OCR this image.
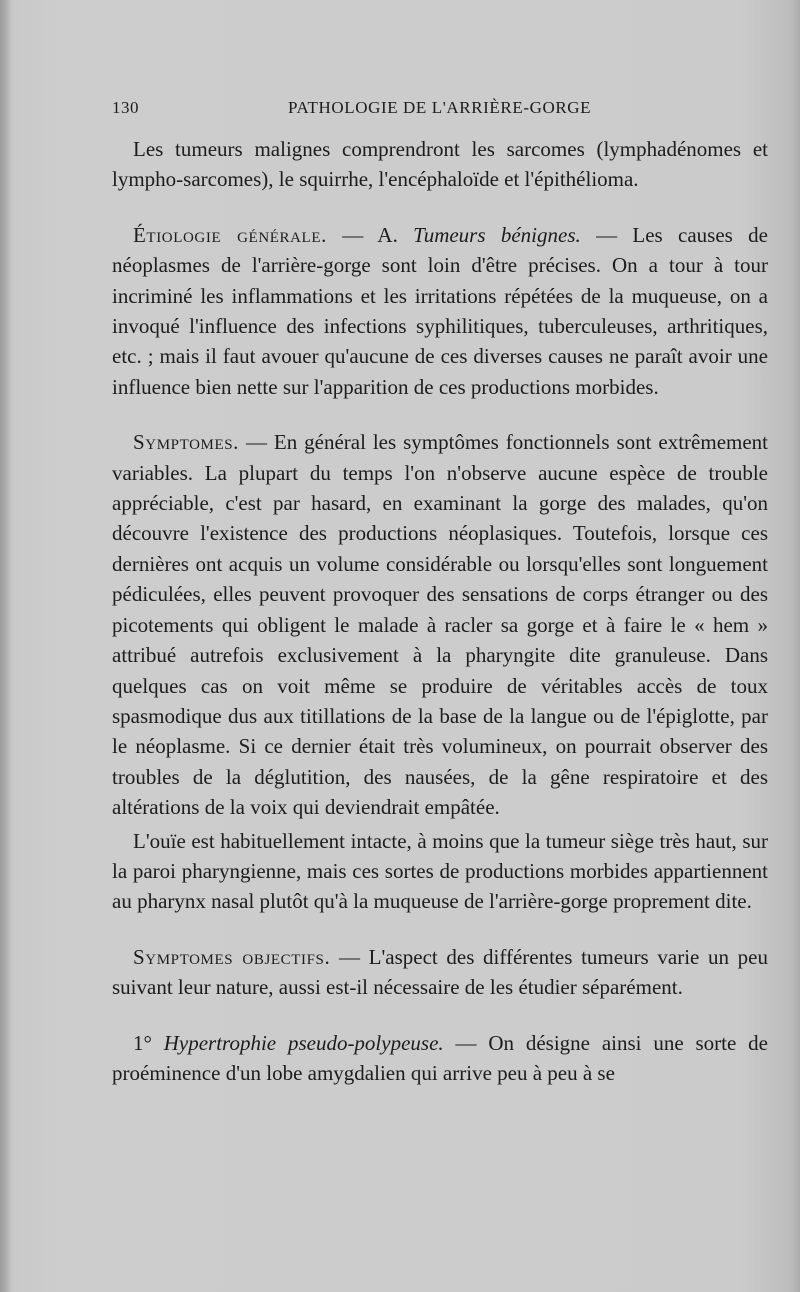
130	PATHOLOGIE DE L'ARRIÈRE-GORGE

Les tumeurs malignes comprendront les sarcomes (lymphadénomes et lympho-sarcomes), le squirrhe, l'encéphaloïde et l'épithélioma.

Étiologie générale. — A. Tumeurs bénignes. — Les causes de néoplasmes de l'arrière-gorge sont loin d'être précises. On a tour à tour incriminé les inflammations et les irritations répétées de la muqueuse, on a invoqué l'influence des infections syphilitiques, tuberculeuses, arthritiques, etc. ; mais il faut avouer qu'aucune de ces diverses causes ne paraît avoir une influence bien nette sur l'apparition de ces productions morbides.

Symptomes. — En général les symptômes fonctionnels sont extrêmement variables. La plupart du temps l'on n'observe aucune espèce de trouble appréciable, c'est par hasard, en examinant la gorge des malades, qu'on découvre l'existence des productions néoplasiques. Toutefois, lorsque ces dernières ont acquis un volume considérable ou lorsqu'elles sont longuement pédiculées, elles peuvent provoquer des sensations de corps étranger ou des picotements qui obligent le malade à racler sa gorge et à faire le « hem » attribué autrefois exclusivement à la pharyngite dite granuleuse. Dans quelques cas on voit même se produire de véritables accès de toux spasmodique dus aux titillations de la base de la langue ou de l'épiglotte, par le néoplasme. Si ce dernier était très volumineux, on pourrait observer des troubles de la déglutition, des nausées, de la gêne respiratoire et des altérations de la voix qui deviendrait empâtée.

L'ouïe est habituellement intacte, à moins que la tumeur siège très haut, sur la paroi pharyngienne, mais ces sortes de productions morbides appartiennent au pharynx nasal plutôt qu'à la muqueuse de l'arrière-gorge proprement dite.

Symptomes objectifs. — L'aspect des différentes tumeurs varie un peu suivant leur nature, aussi est-il nécessaire de les étudier séparément.

1° Hypertrophie pseudo-polypeuse. — On désigne ainsi une sorte de proéminence d'un lobe amygdalien qui arrive peu à peu à se
